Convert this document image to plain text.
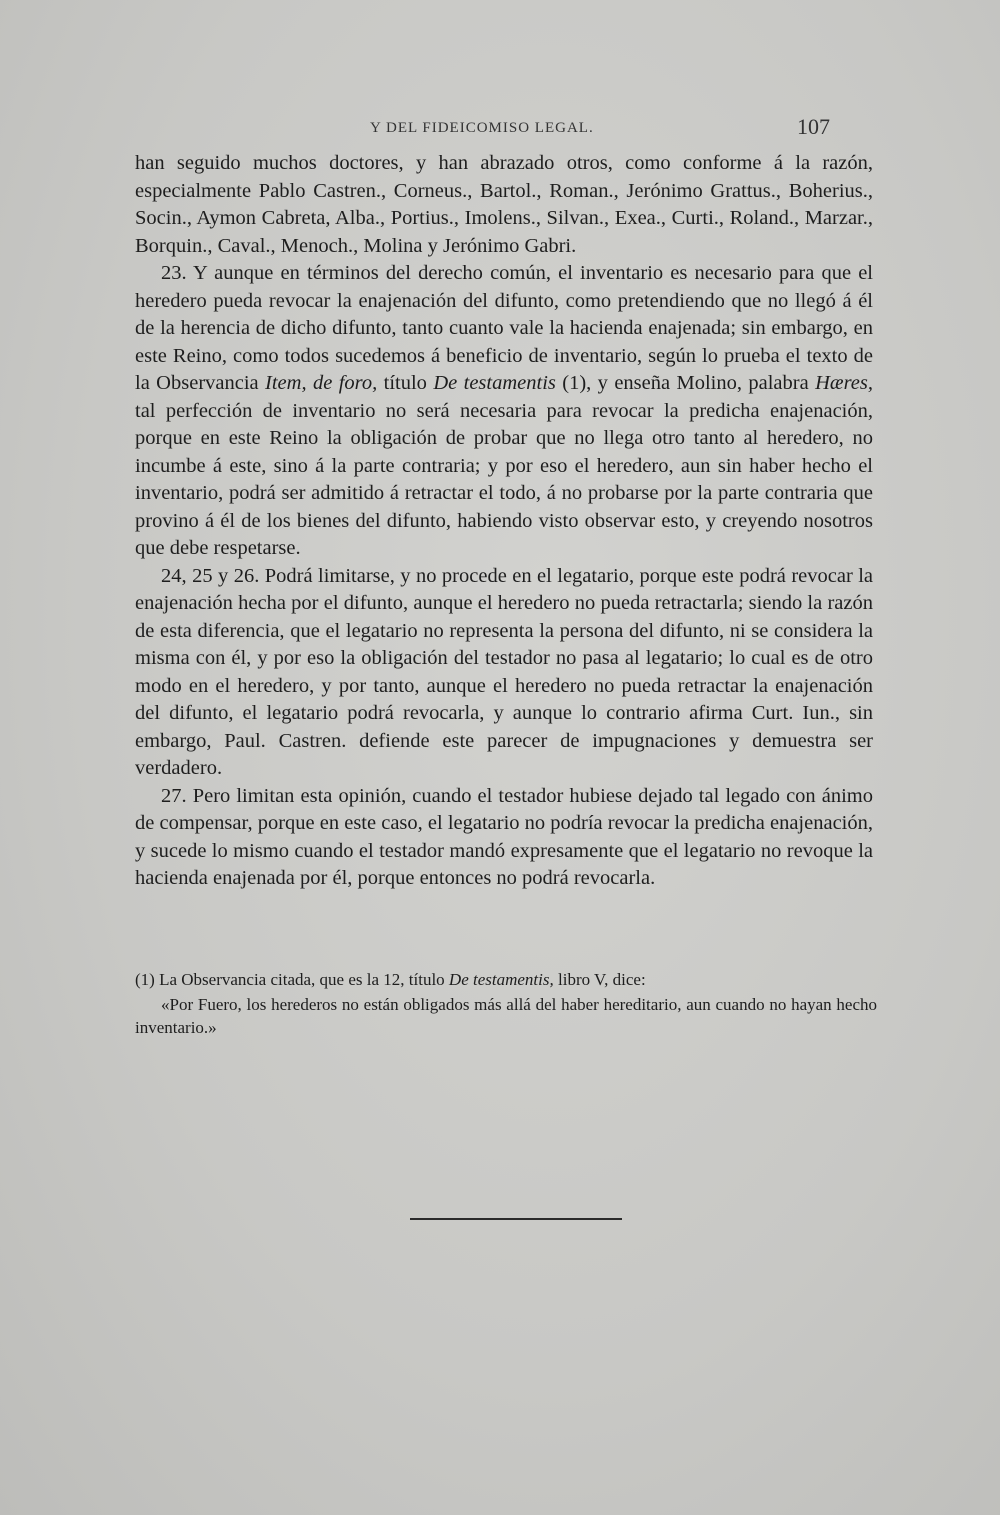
Y DEL FIDEICOMISO LEGAL.	107

han seguido muchos doctores, y han abrazado otros, como conforme á la razón, especialmente Pablo Castren., Corneus., Bartol., Roman., Jerónimo Grattus., Boherius., Socin., Aymon Cabreta, Alba., Portius., Imolens., Silvan., Exea., Curti., Roland., Marzar., Borquin., Caval., Menoch., Molina y Jerónimo Gabri.

23. Y aunque en términos del derecho común, el inventario es necesario para que el heredero pueda revocar la enajenación del difunto, como pretendiendo que no llegó á él de la herencia de dicho difunto, tanto cuanto vale la hacienda enajenada; sin embargo, en este Reino, como todos sucedemos á beneficio de inventario, según lo prueba el texto de la Observancia Item, de foro, título De testamentis (1), y enseña Molino, palabra Hæres, tal perfección de inventario no será necesaria para revocar la predicha enajenación, porque en este Reino la obligación de probar que no llega otro tanto al heredero, no incumbe á este, sino á la parte contraria; y por eso el heredero, aun sin haber hecho el inventario, podrá ser admitido á retractar el todo, á no probarse por la parte contraria que provino á él de los bienes del difunto, habiendo visto observar esto, y creyendo nosotros que debe respetarse.

24, 25 y 26. Podrá limitarse, y no procede en el legatario, porque este podrá revocar la enajenación hecha por el difunto, aunque el heredero no pueda retractarla; siendo la razón de esta diferencia, que el legatario no representa la persona del difunto, ni se considera la misma con él, y por eso la obligación del testador no pasa al legatario; lo cual es de otro modo en el heredero, y por tanto, aunque el heredero no pueda retractar la enajenación del difunto, el legatario podrá revocarla, y aunque lo contrario afirma Curt. Iun., sin embargo, Paul. Castren. defiende este parecer de impugnaciones y demuestra ser verdadero.

27. Pero limitan esta opinión, cuando el testador hubiese dejado tal legado con ánimo de compensar, porque en este caso, el legatario no podría revocar la predicha enajenación, y sucede lo mismo cuando el testador mandó expresamente que el legatario no revoque la hacienda enajenada por él, porque entonces no podrá revocarla.

(1) La Observancia citada, que es la 12, título De testamentis, libro V, dice:

«Por Fuero, los herederos no están obligados más allá del haber hereditario, aun cuando no hayan hecho inventario.»
